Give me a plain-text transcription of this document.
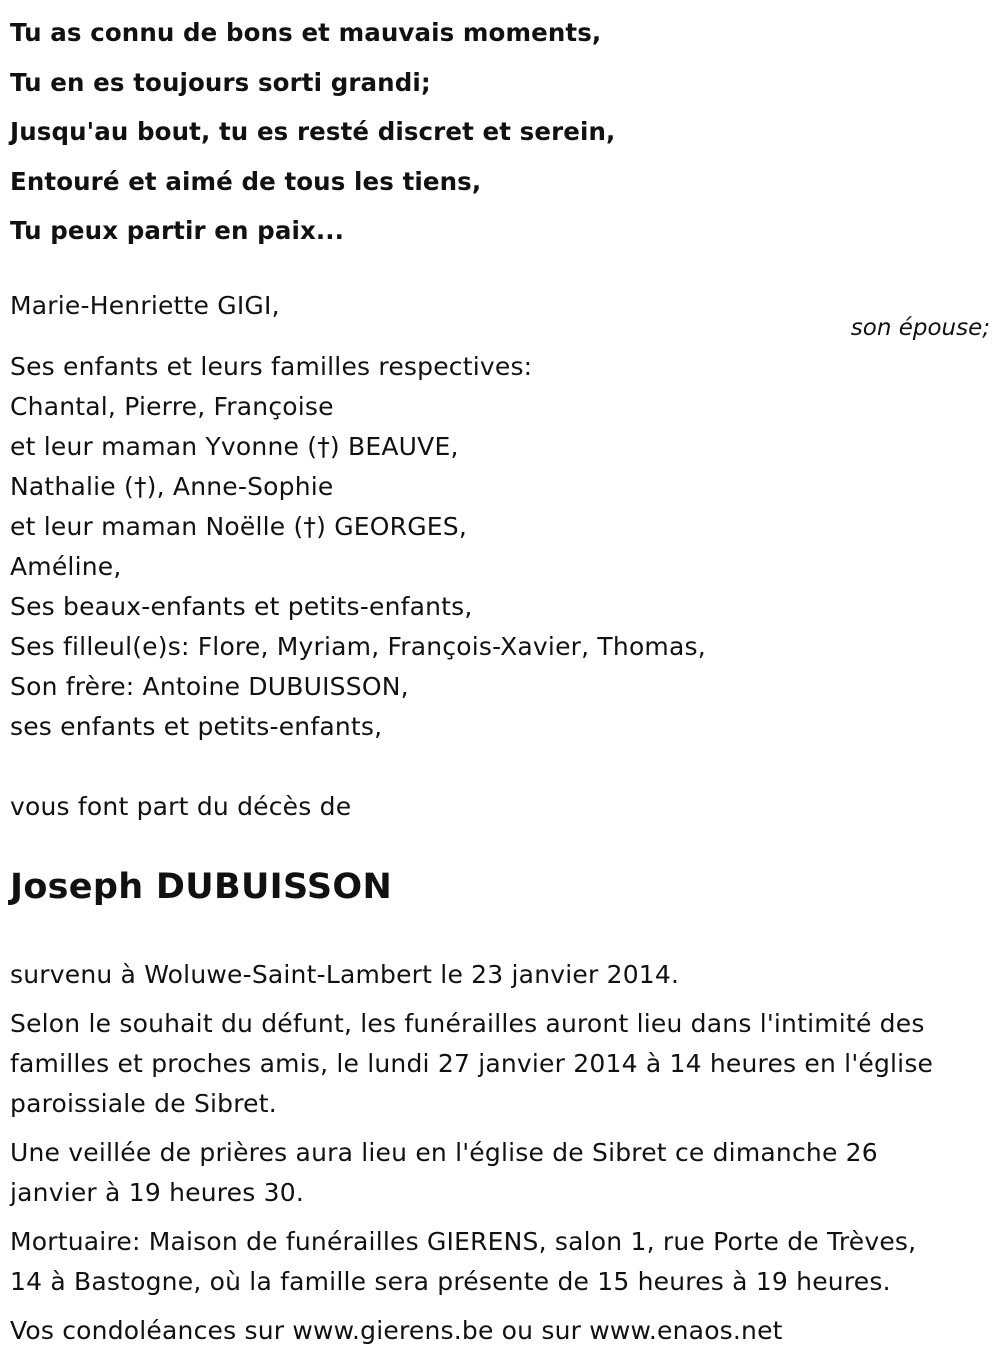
Tu as connu de bons et mauvais moments,
Tu en es toujours sorti grandi;
Jusqu'au bout, tu es resté discret et serein,
Entouré et aimé de tous les tiens,
Tu peux partir en paix...
Marie-Henriette GIGI,
son épouse;
Ses enfants et leurs familles respectives:
Chantal, Pierre, Françoise
et leur maman Yvonne (†) BEAUVE,
Nathalie (†), Anne-Sophie
et leur maman Noëlle (†) GEORGES,
Améline,
Ses beaux-enfants et petits-enfants,
Ses filleul(e)s: Flore, Myriam, François-Xavier, Thomas,
Son frère: Antoine DUBUISSON,
ses enfants et petits-enfants,
vous font part du décès de
Joseph DUBUISSON

survenu à Woluwe-Saint-Lambert le 23 janvier 2014.

Selon le souhait du défunt, les funérailles auront lieu dans l'intimité des
familles et proches amis, le lundi 27 janvier 2014 à 14 heures en l'église
paroissiale de Sibret.

Une veillée de prières aura lieu en l'église de Sibret ce dimanche 26
janvier à 19 heures 30.

Mortuaire: Maison de funérailles GIERENS, salon 1, rue Porte de Trèves,
14 à Bastogne, où la famille sera présente de 15 heures à 19 heures.

Vos condoléances sur www.gierens.be ou sur www.enaos.net
